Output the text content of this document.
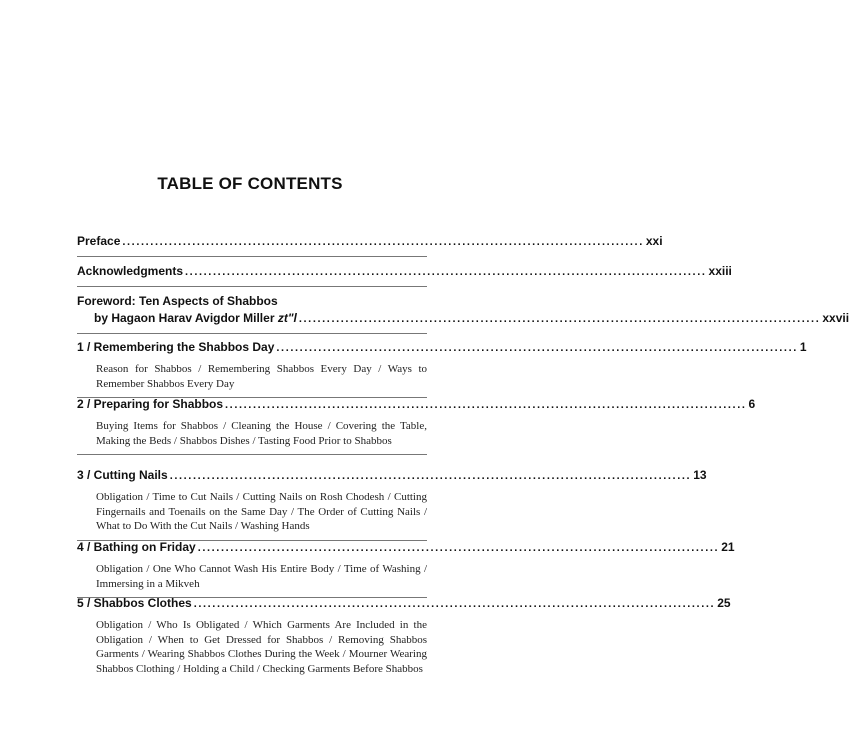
TABLE OF CONTENTS
Preface ................................................................................................................ xxi
Acknowledgments ................................................................................................................ xxiii
Foreword: Ten Aspects of Shabbos
by Hagaon Harav Avigdor Miller zt"l ................................................................................................................ xxvii
1 / Remembering the Shabbos Day ................................................................................................................ 1
Reason for Shabbos / Remembering Shabbos Every Day / Ways to Remember Shabbos Every Day
2 / Preparing for Shabbos ................................................................................................................ 6
Buying Items for Shabbos / Cleaning the House / Covering the Table, Making the Beds / Shabbos Dishes / Tasting Food Prior to Shabbos
3 / Cutting Nails ................................................................................................................ 13
Obligation / Time to Cut Nails / Cutting Nails on Rosh Chodesh / Cutting Fingernails and Toenails on the Same Day / The Order of Cutting Nails / What to Do With the Cut Nails / Washing Hands
4 / Bathing on Friday ................................................................................................................ 21
Obligation / One Who Cannot Wash His Entire Body / Time of Washing / Immersing in a Mikveh
5 / Shabbos Clothes ................................................................................................................ 25
Obligation / Who Is Obligated / Which Garments Are Included in the Obligation / When to Get Dressed for Shabbos / Removing Shabbos Garments / Wearing Shabbos Clothes During the Week / Mourner Wearing Shabbos Clothing / Holding a Child / Checking Garments Before Shabbos
